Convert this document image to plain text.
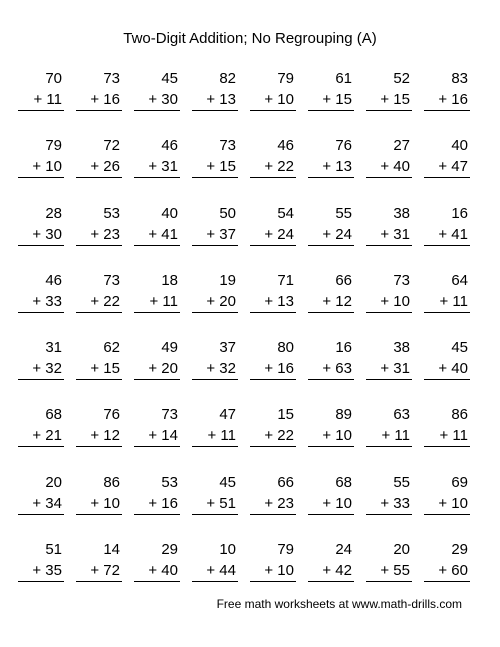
Two-Digit Addition; No Regrouping (A)
70
+ 11
73
+ 16
45
+ 30
82
+ 13
79
+ 10
61
+ 15
52
+ 15
83
+ 16
79
+ 10
72
+ 26
46
+ 31
73
+ 15
46
+ 22
76
+ 13
27
+ 40
40
+ 47
28
+ 30
53
+ 23
40
+ 41
50
+ 37
54
+ 24
55
+ 24
38
+ 31
16
+ 41
46
+ 33
73
+ 22
18
+ 11
19
+ 20
71
+ 13
66
+ 12
73
+ 10
64
+ 11
31
+ 32
62
+ 15
49
+ 20
37
+ 32
80
+ 16
16
+ 63
38
+ 31
45
+ 40
68
+ 21
76
+ 12
73
+ 14
47
+ 11
15
+ 22
89
+ 10
63
+ 11
86
+ 11
20
+ 34
86
+ 10
53
+ 16
45
+ 51
66
+ 23
68
+ 10
55
+ 33
69
+ 10
51
+ 35
14
+ 72
29
+ 40
10
+ 44
79
+ 10
24
+ 42
20
+ 55
29
+ 60
Free math worksheets at www.math-drills.com
